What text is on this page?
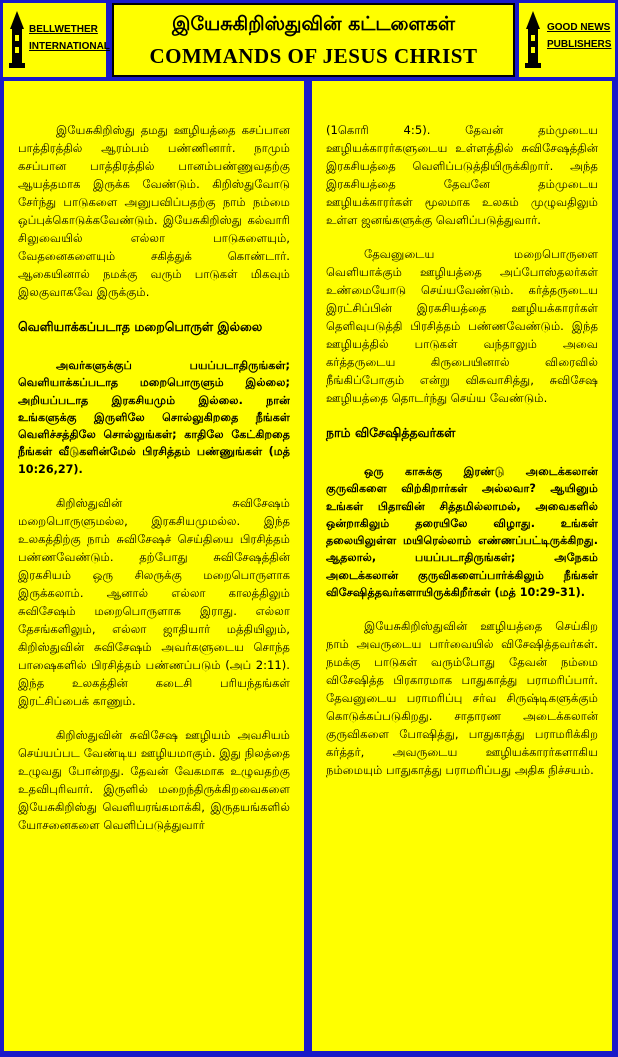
BELLWETHER
INTERNATIONAL
இயேசுகிறிஸ்துவின் கட்டளைகள்
COMMANDS OF JESUS CHRIST
GOOD NEWS
PUBLISHERS

இயேசுகிறிஸ்து தமது ஊழியத்தை கசப்பான பாத்திரத்தில் ஆரம்பம் பண்ணினார். நாமும் கசப்பான பாத்திரத்தில் பானம்பண்ணுவதற்கு ஆயத்தமாக இருக்க வேண்டும். கிறிஸ்துவோடு சேர்ந்து பாடுகளை அனுபவிப்பதற்கு நாம் நம்மை ஒப்புக்கொடுக்கவேண்டும். இயேசுகிறிஸ்து கல்வாரி சிலுவையில் எல்லா பாடுகளையும், வேதனைகளையும் சகித்துக் கொண்டார். ஆகையினால் நமக்கு வரும் பாடுகள் மிகவும் இலகுவாகவே இருக்கும்.

வெளியாக்கப்படாத மறைபொருள் இல்லை

அவர்களுக்குப் பயப்படாதிருங்கள்; வெளியாக்கப்படாத மறைபொருளும் இல்லை; அறியப்படாத இரகசியமும் இல்லை. நான் உங்களுக்கு இருளிலே சொல்லுகிறதை நீங்கள் வெளிச்சத்திலே சொல்லுங்கள்; காதிலே கேட்கிறதை நீங்கள் வீடுகளின்மேல் பிரசித்தம் பண்ணுங்கள் (மத் 10:26,27).

கிறிஸ்துவின் சுவிசேஷம் மறைபொருளுமல்ல, இரகசியமுமல்ல. இந்த உலகத்திற்கு நாம் சுவிசேஷச் செய்தியை பிரசித்தம் பண்ணவேண்டும். தற்போது சுவிசேஷத்தின் இரகசியம் ஒரு சிலருக்கு மறைபொருளாக இருக்கலாம். ஆனால் எல்லா காலத்திலும் சுவிசேஷம் மறைபொருளாக இராது. எல்லா தேசங்களிலும், எல்லா ஜாதியார் மத்தியிலும், கிறிஸ்துவின் சுவிசேஷம் அவர்களுடைய சொந்த பாஷைகளில் பிரசித்தம் பண்ணப்படும் (அப் 2:11). இந்த உலகத்தின் கடைசி பரியந்தங்கள் இரட்சிப்பைக் காணும்.

கிறிஸ்துவின் சுவிசேஷ ஊழியம் அவசியம் செய்யப்பட வேண்டிய ஊழியமாகும். இது நிலத்தை உழுவது போன்றது. தேவன் வேகமாக உழுவதற்கு உதவிபுரிவார். இருளில் மறைந்திருக்கிறவைகளை இயேசுகிறிஸ்து வெளியரங்கமாக்கி, இருதயங்களில் யோசனைகளை வெளிப்படுத்துவார்

(1கொரி 4:5). தேவன் தம்முடைய ஊழியக்காரர்களுடைய உள்ளத்தில் சுவிசேஷத்தின் இரகசியத்தை வெளிப்படுத்தியிருக்கிறார். அந்த இரகசியத்தை தேவனே தம்முடைய ஊழியக்காரர்கள் மூலமாக உலகம் முழுவதிலும் உள்ள ஜனங்களுக்கு வெளிப்படுத்துவார்.

தேவனுடைய மறைபொருளை வெளியாக்கும் ஊழியத்தை அப்போஸ்தலர்கள் உண்மையோடு செய்யவேண்டும். கர்த்தருடைய இரட்சிப்பின் இரகசியத்தை ஊழியக்காரர்கள் தெளிவுபடுத்தி பிரசித்தம் பண்ணவேண்டும். இந்த ஊழியத்தில் பாடுகள் வந்தாலும் அவை கர்த்தருடைய கிருபையினால் விரைவில் நீங்கிப்போகும் என்று விசுவாசித்து, சுவிசேஷ ஊழியத்தை தொடர்ந்து செய்ய வேண்டும்.

நாம் விசேஷித்தவர்கள்

ஒரு காசுக்கு இரண்டு அடைக்கலான் குருவிகளை விற்கிறார்கள் அல்லவா? ஆயினும் உங்கள் பிதாவின் சித்தமில்லாமல், அவைகளில் ஒன்றாகிலும் தரையிலே விழாது. உங்கள் தலையிலுள்ள மயிரெல்லாம் எண்ணப்பட்டிருக்கிறது. ஆதலால், பயப்படாதிருங்கள்; அநேகம் அடைக்கலான் குருவிகளைப்பார்க்கிலும் நீங்கள் விசேஷித்தவர்களாயிருக்கிறீர்கள் (மத் 10:29-31).

இயேசுகிறிஸ்துவின் ஊழியத்தை செய்கிற நாம் அவருடைய பார்வையில் விசேஷித்தவர்கள். நமக்கு பாடுகள் வரும்போது தேவன் நம்மை விசேஷித்த பிரகாரமாக பாதுகாத்து பராமரிப்பார். தேவனுடைய பராமரிப்பு சர்வ சிருஷ்டிகளுக்கும் கொடுக்கப்படுகிறது. சாதாரண அடைக்கலான் குருவிகளை போஷித்து, பாதுகாத்து பராமரிக்கிற கர்த்தர், அவருடைய ஊழியக்காரர்களாகிய நம்மையும் பாதுகாத்து பராமரிப்பது அதிக நிச்சயம்.
